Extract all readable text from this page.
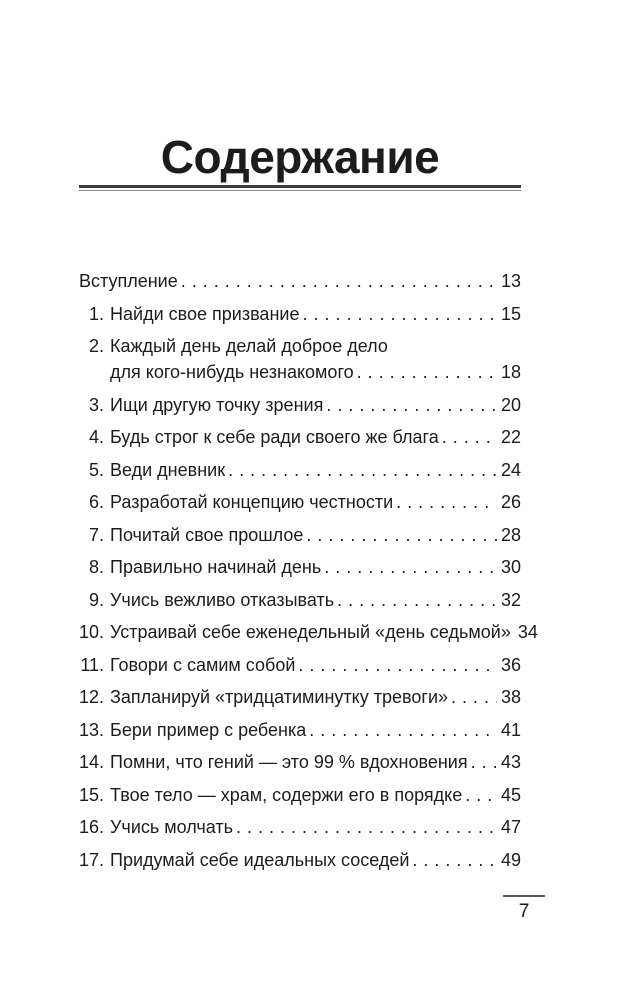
Содержание
Вступление . . .	13
1. Найди свое призвание . . .	15
2. Каждый день делай доброе дело
для кого-нибудь незнакомого . . .	18
3. Ищи другую точку зрения . . .	20
4. Будь строг к себе ради своего же блага . . .	22
5. Веди дневник . . .	24
6. Разработай концепцию честности . . .	26
7. Почитай свое прошлое . . .	28
8. Правильно начинай день . . .	30
9. Учись вежливо отказывать . . .	32
10. Устраивай себе еженедельный «день седьмой» 34
11. Говори с самим собой . . .	36
12. Запланируй «тридцатиминутку тревоги» . . .	38
13. Бери пример с ребенка . . .	41
14. Помни, что гений — это 99 % вдохновения . . . 43
15. Твое тело — храм, содержи его в порядке . . . 45
16. Учись молчать . . .	47
17. Придумай себе идеальных соседей . . .	49
7
